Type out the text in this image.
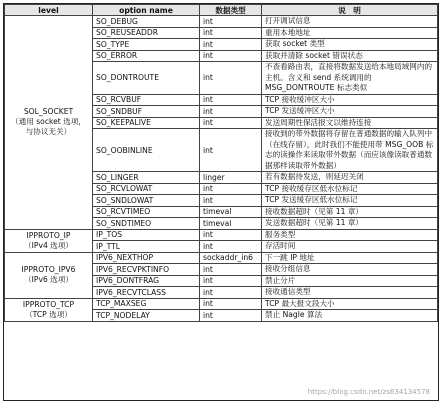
level	option name	数据类型	说　明

SOL_SOCKET
（通用 socket 选项，与协议无关）	SO_DEBUG	int	打开调试信息
	SO_REUSEADDR	int	重用本地地址
	SO_TYPE	int	获取 socket 类型
	SO_ERROR	int	获取并清除 socket 错误状态
	SO_DONTROUTE	int	不查看路由表，直接将数据发送给本地局域网内的主机。含义和 send 系统调用的 MSG_DONTROUTE 标志类似
	SO_RCVBUF	int	TCP 接收缓冲区大小
	SO_SNDBUF	int	TCP 发送缓冲区大小
	SO_KEEPALIVE	int	发送周期性保活报文以维持连接
	SO_OOBINLINE	int	接收到的带外数据将存留在普通数据的输入队列中（在线存留），此时我们不能使用带 MSG_OOB 标志的读操作来读取带外数据（而应该像读取普通数据那样读取带外数据）
	SO_LINGER	linger	若有数据待发送，则延迟关闭
	SO_RCVLOWAT	int	TCP 接收缓存区低水位标记
	SO_SNDLOWAT	int	TCP 发送缓存区低水位标记
	SO_RCVTIMEO	timeval	接收数据超时（见第 11 章）
	SO_SNDTIMEO	timeval	发送数据超时（见第 11 章）

IPPROTO_IP
（IPv4 选项）	IP_TOS	int	服务类型
	IP_TTL	int	存活时间

IPPROTO_IPV6
（IPv6 选项）	IPV6_NEXTHOP	sockaddr_in6	下一跳 IP 地址
	IPV6_RECVPKTINFO	int	接收分组信息
	IPV6_DONTFRAG	int	禁止分片
	IPV6_RECVTCLASS	int	接收通信类型

IPPROTO_TCP
（TCP 选项）	TCP_MAXSEG	int	TCP 最大报文段大小
	TCP_NODELAY	int	禁止 Nagle 算法
https://blog.csdn.net/zs634134578
